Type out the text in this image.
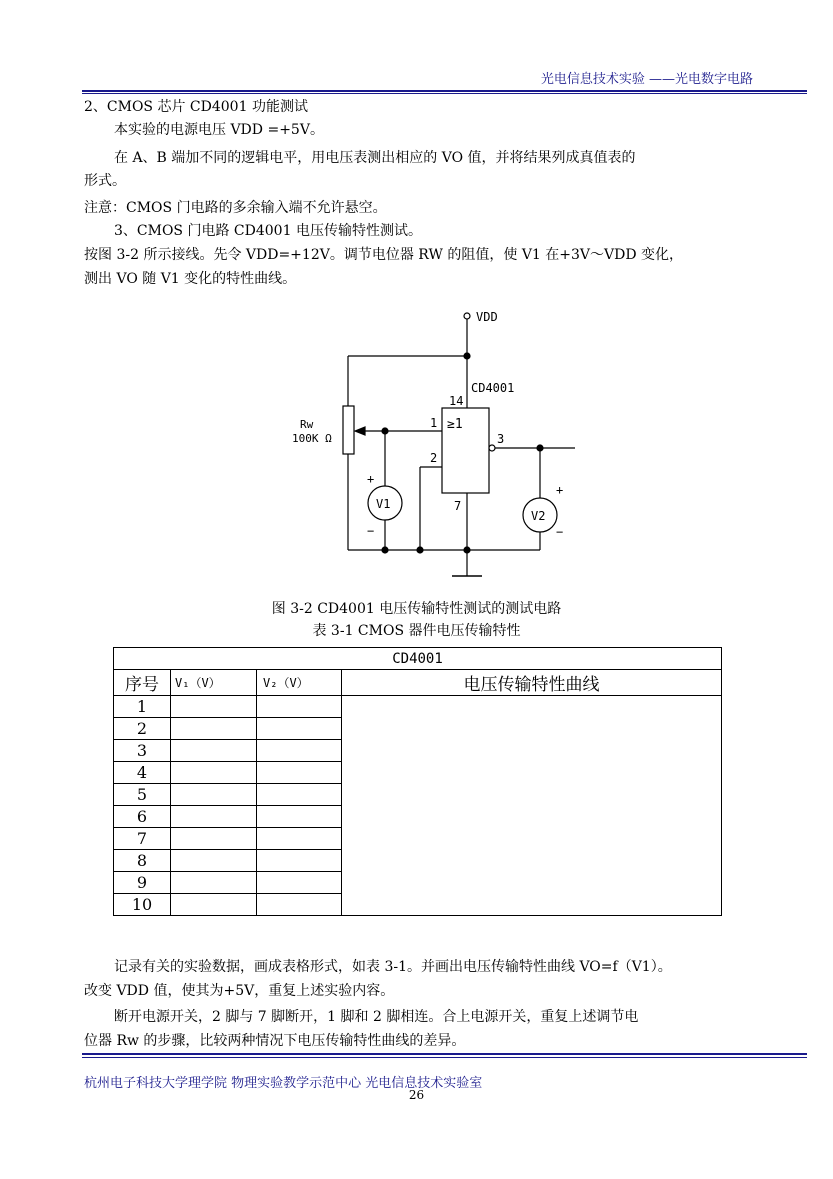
光电信息技术实验 ——光电数字电路
2、CMOS 芯片 CD4001 功能测试
本实验的电源电压 VDD =+5V。
在 A、B 端加不同的逻辑电平，用电压表测出相应的 VO 值，并将结果列成真值表的
形式。
注意：CMOS 门电路的多余输入端不允许悬空。
3、CMOS 门电路 CD4001 电压传输特性测试。
按图 3-2 所示接线。先令 VDD=+12V。调节电位器 RW 的阻值，使 V1 在+3V～VDD 变化，
测出 VO 随 V1 变化的特性曲线。
VDD
Rw
100K Ω
CD4001
14
≥1
1
2
3
7
V1
+
−
V2
+
−
图 3-2 CD4001 电压传输特性测试的测试电路
表 3-1 CMOS 器件电压传输特性
CD4001			
序号	V₁（V）	V₂（V）	电压传输特性曲线
1			
2			
3			
4			
5			
6			
7			
8			
9			
10			
记录有关的实验数据，画成表格形式，如表 3-1。并画出电压传输特性曲线 VO=f（V1）。
改变 VDD 值，使其为+5V，重复上述实验内容。
断开电源开关，2 脚与 7 脚断开，1 脚和 2 脚相连。合上电源开关，重复上述调节电
位器 Rw 的步骤，比较两种情况下电压传输特性曲线的差异。
杭州电子科技大学理学院 物理实验教学示范中心 光电信息技术实验室
26
